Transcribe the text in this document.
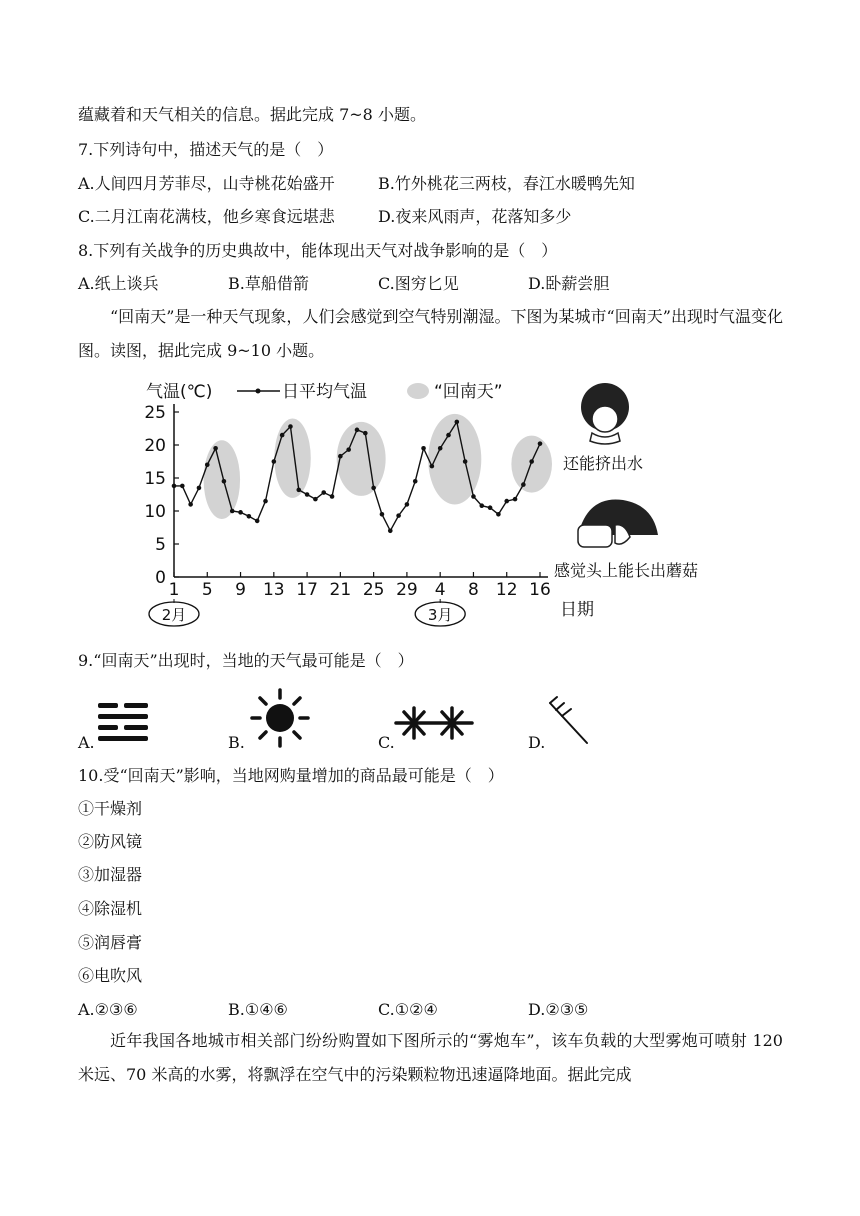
蕴藏着和天气相关的信息。据此完成 7~8 小题。
7.下列诗句中，描述天气的是（　）
A.人间四月芳菲尽，山寺桃花始盛开	B.竹外桃花三两枝，春江水暖鸭先知
C.二月江南花满枝，他乡寒食远堪悲	D.夜来风雨声，花落知多少
8.下列有关战争的历史典故中，能体现出天气对战争影响的是（　）
A.纸上谈兵	B.草船借箭	C.图穷匕见	D.卧薪尝胆
“回南天”是一种天气现象，人们会感觉到空气特别潮湿。下图为某城市“回南天”出现时气温变化图。读图，据此完成 9~10 小题。
0
5
10
15
20
25
1 5 9 13 17 21 25 29 4 8 12 16
2月	3月	日期
气温(℃)	日平均气温	“回南天”
还能挤出水
感觉头上能长出蘑菇
9.“回南天”出现时，当地的天气最可能是（　）
A.	B.	C.	D.
10.受“回南天”影响，当地网购量增加的商品最可能是（　）
①干燥剂
②防风镜
③加湿器
④除湿机
⑤润唇膏
⑥电吹风
A.②③⑥	B.①④⑥	C.①②④	D.②③⑤
近年我国各地城市相关部门纷纷购置如下图所示的“雾炮车”，该车负载的大型雾炮可喷射 120 米远、70 米高的水雾，将飘浮在空气中的污染颗粒物迅速逼降地面。据此完成
